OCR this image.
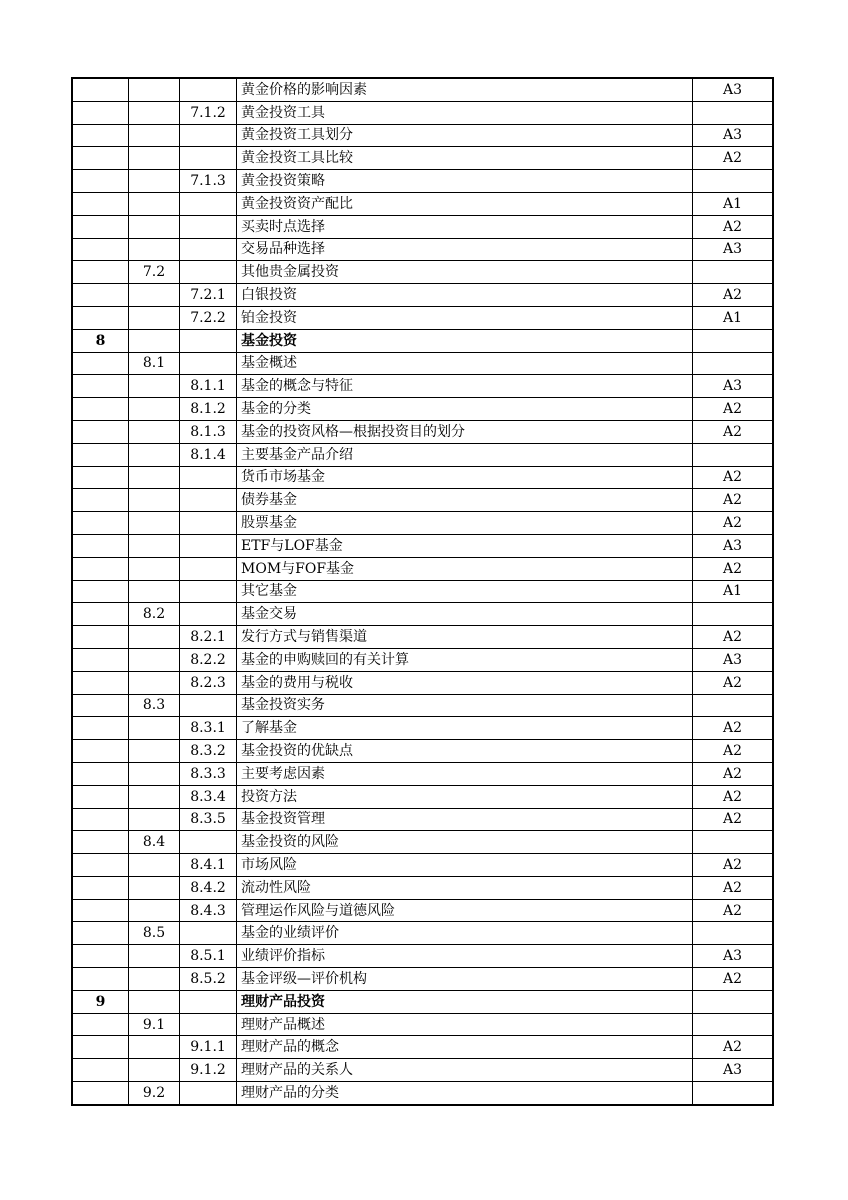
			黄金价格的影响因素	A3
		7.1.2	黄金投资工具	
			黄金投资工具划分	A3
			黄金投资工具比较	A2
		7.1.3	黄金投资策略	
			黄金投资资产配比	A1
			买卖时点选择	A2
			交易品种选择	A3
	7.2		其他贵金属投资	
		7.2.1	白银投资	A2
		7.2.2	铂金投资	A1
8			基金投资	
	8.1		基金概述	
		8.1.1	基金的概念与特征	A3
		8.1.2	基金的分类	A2
		8.1.3	基金的投资风格—根据投资目的划分	A2
		8.1.4	主要基金产品介绍	
			货币市场基金	A2
			债券基金	A2
			股票基金	A2
			ETF与LOF基金	A3
			MOM与FOF基金	A2
			其它基金	A1
	8.2		基金交易	
		8.2.1	发行方式与销售渠道	A2
		8.2.2	基金的申购赎回的有关计算	A3
		8.2.3	基金的费用与税收	A2
	8.3		基金投资实务	
		8.3.1	了解基金	A2
		8.3.2	基金投资的优缺点	A2
		8.3.3	主要考虑因素	A2
		8.3.4	投资方法	A2
		8.3.5	基金投资管理	A2
	8.4		基金投资的风险	
		8.4.1	市场风险	A2
		8.4.2	流动性风险	A2
		8.4.3	管理运作风险与道德风险	A2
	8.5		基金的业绩评价	
		8.5.1	业绩评价指标	A3
		8.5.2	基金评级—评价机构	A2
9			理财产品投资	
	9.1		理财产品概述	
		9.1.1	理财产品的概念	A2
		9.1.2	理财产品的关系人	A3
	9.2		理财产品的分类	
